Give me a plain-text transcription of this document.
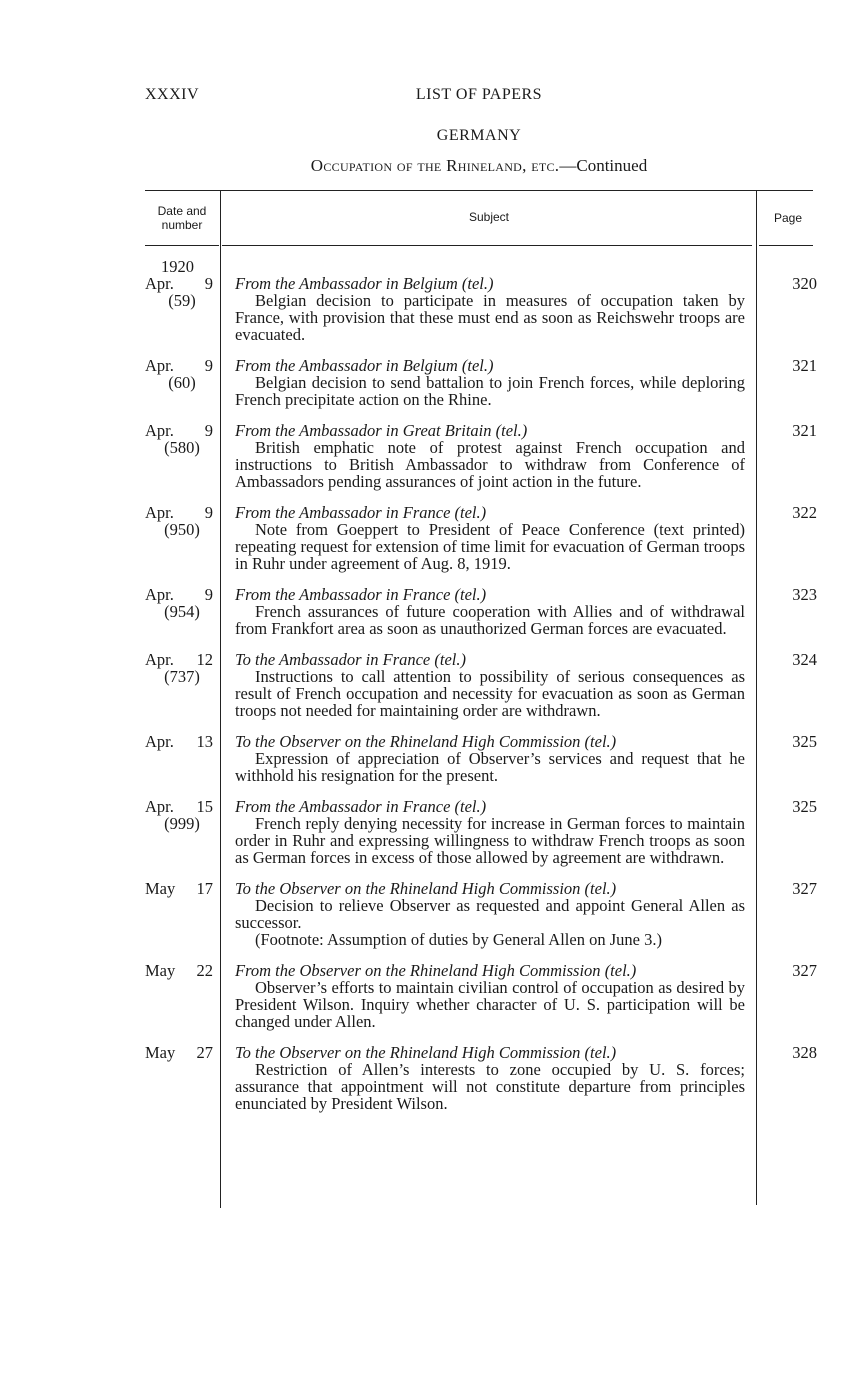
XXXIV	LIST OF PAPERS
GERMANY
Occupation of the Rhineland, etc.—Continued
Date and
number
Subject	Page
1920
Apr. 9
(59)
From the Ambassador in Belgium (tel.)

Belgian decision to participate in measures of occupation taken by France, with provision that these must end as soon as Reichswehr troops are evacuated.

320
Apr. 9
(60)
From the Ambassador in Belgium (tel.)

Belgian decision to send battalion to join French forces, while deploring French precipitate action on the Rhine.

321
Apr. 9
(580)
From the Ambassador in Great Britain (tel.)

British emphatic note of protest against French occupation and instructions to British Ambassador to withdraw from Conference of Ambassadors pending assurances of joint action in the future.

321
Apr. 9
(950)
From the Ambassador in France (tel.)

Note from Goeppert to President of Peace Conference (text printed) repeating request for extension of time limit for evacuation of German troops in Ruhr under agreement of Aug. 8, 1919.

322
Apr. 9
(954)
From the Ambassador in France (tel.)

French assurances of future cooperation with Allies and of withdrawal from Frankfort area as soon as unauthorized German forces are evacuated.

323
Apr. 12
(737)
To the Ambassador in France (tel.)

Instructions to call attention to possibility of serious consequences as result of French occupation and necessity for evacuation as soon as German troops not needed for maintaining order are withdrawn.

324
Apr. 13 To the Observer on the Rhineland High Commission (tel.)

Expression of appreciation of Observer’s services and request that he withhold his resignation for the present.

325
Apr. 15
(999)
From the Ambassador in France (tel.)

French reply denying necessity for increase in German forces to maintain order in Ruhr and expressing willingness to withdraw French troops as soon as German forces in excess of those allowed by agreement are withdrawn.

325
May 17 To the Observer on the Rhineland High Commission (tel.)

Decision to relieve Observer as requested and appoint General Allen as successor.

(Footnote: Assumption of duties by General Allen on June 3.)

327
May 22 From the Observer on the Rhineland High Commission (tel.)

Observer’s efforts to maintain civilian control of occupation as desired by President Wilson. Inquiry whether character of U. S. participation will be changed under Allen.

327
May 27 To the Observer on the Rhineland High Commission (tel.)

Restriction of Allen’s interests to zone occupied by U. S. forces; assurance that appointment will not constitute departure from principles enunciated by President Wilson.

328
